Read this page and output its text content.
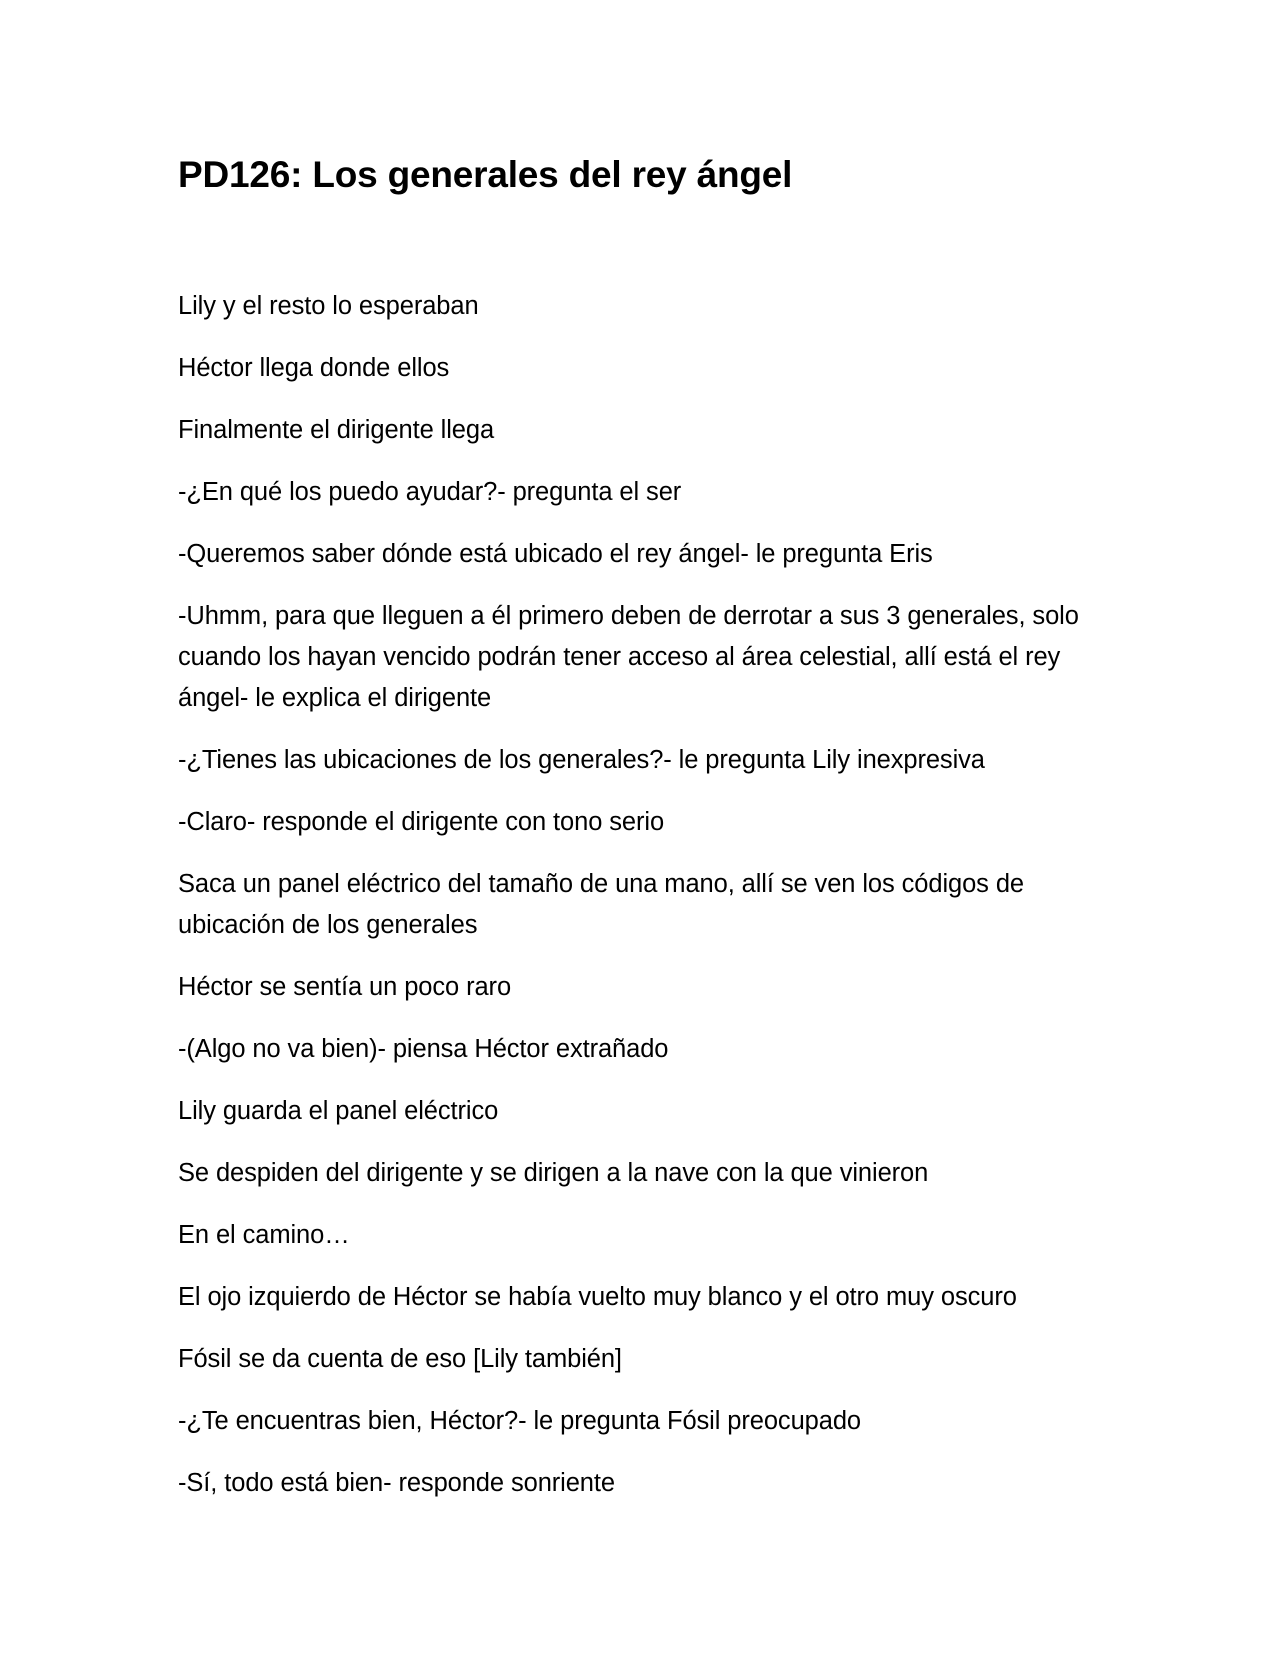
PD126: Los generales del rey ángel

Lily y el resto lo esperaban

Héctor llega donde ellos

Finalmente el dirigente llega

-¿En qué los puedo ayudar?- pregunta el ser

-Queremos saber dónde está ubicado el rey ángel- le pregunta Eris

-Uhmm, para que lleguen a él primero deben de derrotar a sus 3 generales, solo cuando los hayan vencido podrán tener acceso al área celestial, allí está el rey ángel- le explica el dirigente

-¿Tienes las ubicaciones de los generales?- le pregunta Lily inexpresiva

-Claro- responde el dirigente con tono serio

Saca un panel eléctrico del tamaño de una mano, allí se ven los códigos de ubicación de los generales

Héctor se sentía un poco raro

-(Algo no va bien)- piensa Héctor extrañado

Lily guarda el panel eléctrico

Se despiden del dirigente y se dirigen a la nave con la que vinieron

En el camino…

El ojo izquierdo de Héctor se había vuelto muy blanco y el otro muy oscuro

Fósil se da cuenta de eso [Lily también]

-¿Te encuentras bien, Héctor?- le pregunta Fósil preocupado

-Sí, todo está bien- responde sonriente
